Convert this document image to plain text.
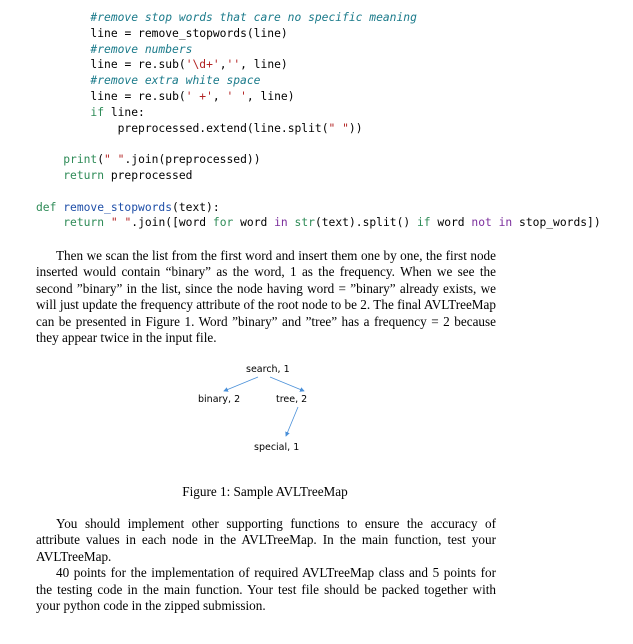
#remove stop words that care no specific meaning
line = remove_stopwords(line)
#remove numbers
line = re.sub('\d+','', line)
#remove extra white space
line = re.sub(' +', ' ', line)
if line:
preprocessed.extend(line.split(" "))
print(" ".join(preprocessed))
return preprocessed
def remove_stopwords(text):
return " ".join([word for word in str(text).split() if word not in stop_words])

Then we scan the list from the first word and insert them one by one, the first node inserted would contain “binary” as the word, 1 as the frequency. When we see the second ”binary” in the list, since the node having word = ”binary” already exists, we will just update the frequency attribute of the root node to be 2. The final AVLTreeMap can be presented in Figure 1. Word ”binary” and ”tree” has a frequency = 2 because they appear twice in the input file.

search, 1
binary, 2	tree, 2
special, 1
Figure 1: Sample AVLTreeMap

You should implement other supporting functions to ensure the accuracy of attribute values in each node in the AVLTreeMap. In the main function, test your AVLTreeMap.

40 points for the implementation of required AVLTreeMap class and 5 points for the testing code in the main function. Your test file should be packed together with your python code in the zipped submission.
